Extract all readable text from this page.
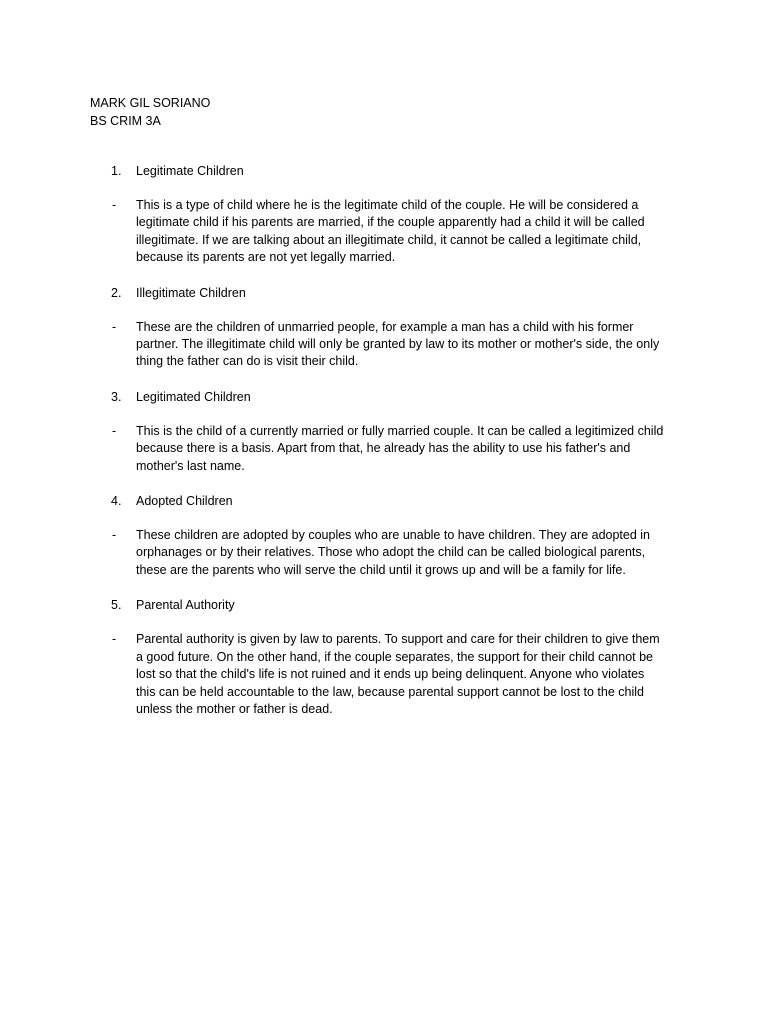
MARK GIL SORIANO
BS CRIM 3A
1. Legitimate Children
- This is a type of child where he is the legitimate child of the couple. He will be considered a
legitimate child if his parents are married, if the couple apparently had a child it will be called
illegitimate. If we are talking about an illegitimate child, it cannot be called a legitimate child,
because its parents are not yet legally married.
2. Illegitimate Children
- These are the children of unmarried people, for example a man has a child with his former
partner. The illegitimate child will only be granted by law to its mother or mother's side, the only
thing the father can do is visit their child.
3. Legitimated Children
- This is the child of a currently married or fully married couple. It can be called a legitimized child
because there is a basis. Apart from that, he already has the ability to use his father's and
mother's last name.
4. Adopted Children
- These children are adopted by couples who are unable to have children. They are adopted in
orphanages or by their relatives. Those who adopt the child can be called biological parents,
these are the parents who will serve the child until it grows up and will be a family for life.
5. Parental Authority
- Parental authority is given by law to parents. To support and care for their children to give them
a good future. On the other hand, if the couple separates, the support for their child cannot be
lost so that the child's life is not ruined and it ends up being delinquent. Anyone who violates
this can be held accountable to the law, because parental support cannot be lost to the child
unless the mother or father is dead.
